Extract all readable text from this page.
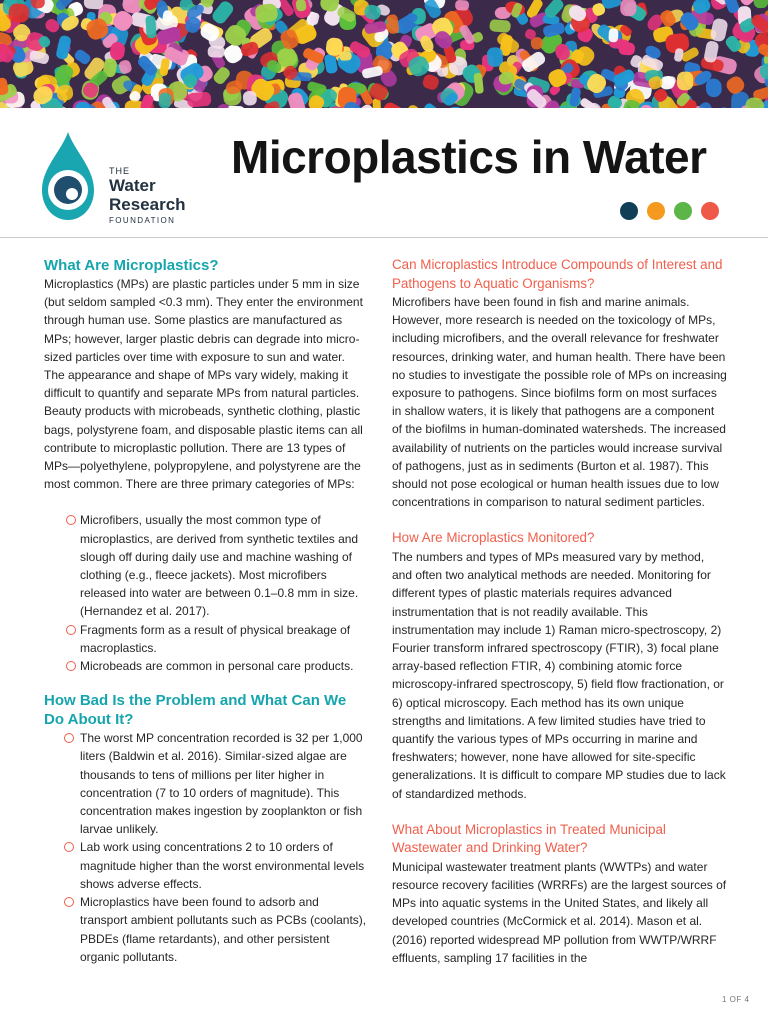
THE
Water
Research
FOUNDATION
Microplastics in Water
What Are Microplastics?

Microplastics (MPs) are plastic particles under 5 mm in size (but seldom sampled <0.3 mm). They enter the environment through human use. Some plastics are manufactured as MPs; however, larger plastic debris can degrade into micro-sized particles over time with exposure to sun and water. The appearance and shape of MPs vary widely, making it difficult to quantify and separate MPs from natural particles. Beauty products with microbeads, synthetic clothing, plastic bags, polystyrene foam, and disposable plastic items can all contribute to microplastic pollution. There are 13 types of MPs—polyethylene, polypropylene, and polystyrene are the most common. There are three primary categories of MPs:

Microfibers, usually the most common type of microplastics, are derived from synthetic textiles and slough off during daily use and machine washing of clothing (e.g., fleece jackets). Most microfibers released into water are between 0.1–0.8 mm in size. (Hernandez et al. 2017).
Fragments form as a result of physical breakage of macroplastics.
Microbeads are common in personal care products.
How Bad Is the Problem and What Can We Do About It?
The worst MP concentration recorded is 32 per 1,000 liters (Baldwin et al. 2016). Similar-sized algae are thousands to tens of millions per liter higher in concentration (7 to 10 orders of magnitude). This concentration makes ingestion by zooplankton or fish larvae unlikely.
Lab work using concentrations 2 to 10 orders of magnitude higher than the worst environmental levels shows adverse effects.
Microplastics have been found to adsorb and transport ambient pollutants such as PCBs (coolants), PBDEs (flame retardants), and other persistent organic pollutants.
Can Microplastics Introduce Compounds of Interest and Pathogens to Aquatic Organisms?

Microfibers have been found in fish and marine animals. However, more research is needed on the toxicology of MPs, including microfibers, and the overall relevance for freshwater resources, drinking water, and human health. There have been no studies to investigate the possible role of MPs on increasing exposure to pathogens. Since biofilms form on most surfaces in shallow waters, it is likely that pathogens are a component of the biofilms in human-dominated watersheds. The increased availability of nutrients on the particles would increase survival of pathogens, just as in sediments (Burton et al. 1987). This should not pose ecological or human health issues due to low concentrations in comparison to natural sediment particles.

How Are Microplastics Monitored?

The numbers and types of MPs measured vary by method, and often two analytical methods are needed. Monitoring for different types of plastic materials requires advanced instrumentation that is not readily available. This instrumentation may include 1) Raman micro-spectroscopy, 2) Fourier transform infrared spectroscopy (FTIR), 3) focal plane array-based reflection FTIR, 4) combining atomic force microscopy-infrared spectroscopy, 5) field flow fractionation, or 6) optical microscopy. Each method has its own unique strengths and limitations. A few limited studies have tried to quantify the various types of MPs occurring in marine and freshwaters; however, none have allowed for site-specific generalizations. It is difficult to compare MP studies due to lack of standardized methods.

What About Microplastics in Treated Municipal Wastewater and Drinking Water?

Municipal wastewater treatment plants (WWTPs) and water resource recovery facilities (WRRFs) are the largest sources of MPs into aquatic systems in the United States, and likely all developed countries (McCormick et al. 2014). Mason et al. (2016) reported widespread MP pollution from WWTP/WRRF effluents, sampling 17 facilities in the

1 OF 4
